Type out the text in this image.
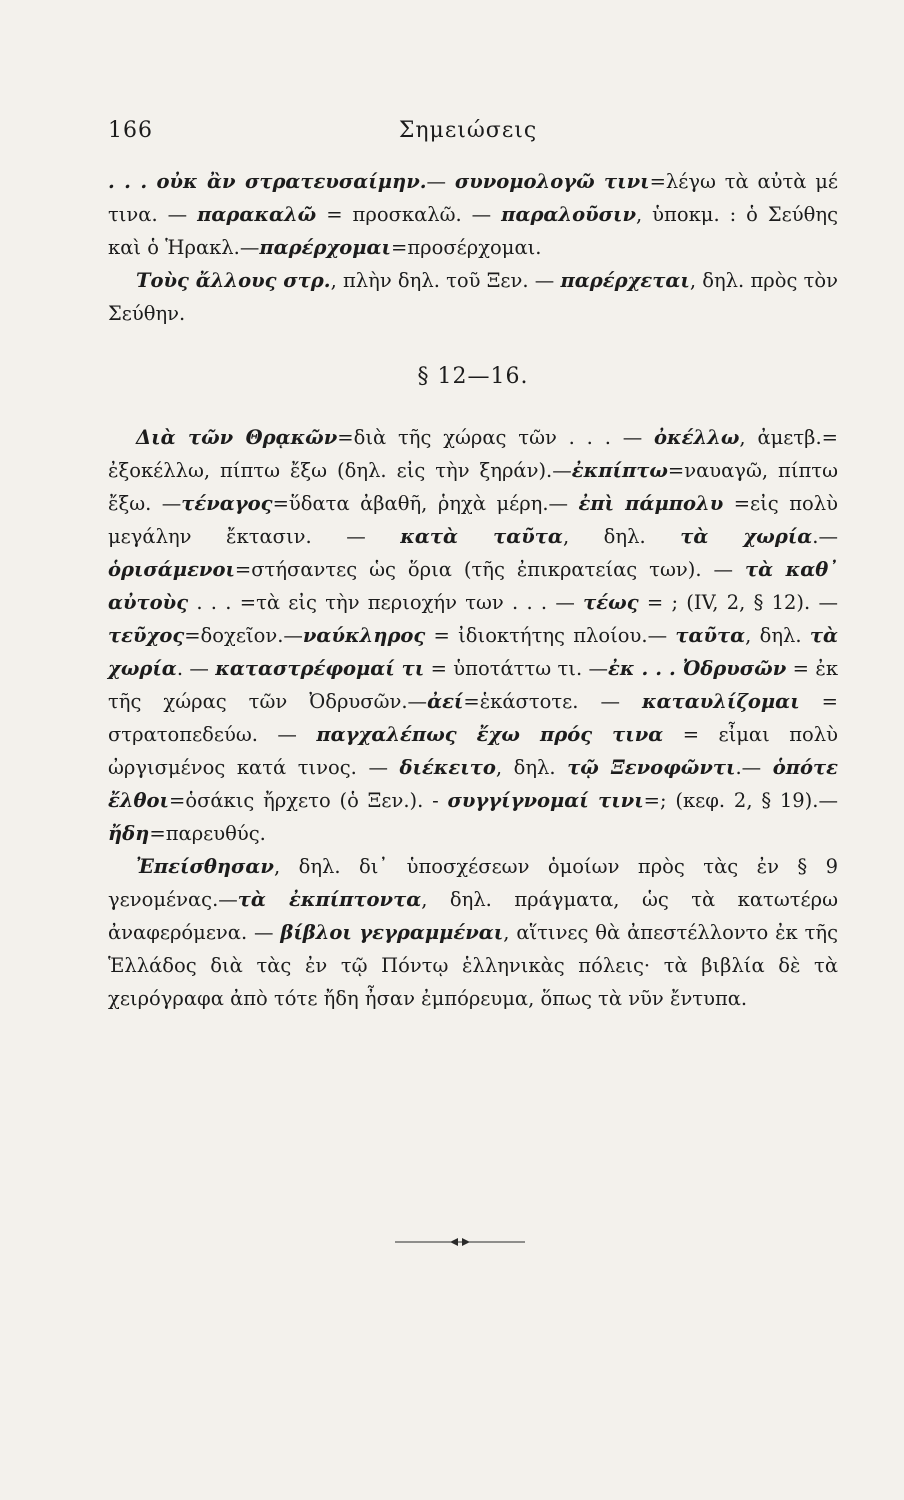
166	Σημειώσεις

. . . οὐκ ἂν στρατευσαίμην.— συνομολογῶ τινι=λέγω τὰ αὐτὰ μέ τινα. — παρακαλῶ = προσκαλῶ. — παραλοῦσιν, ὑποκμ. : ὁ Σεύθης καὶ ὁ Ἡρακλ.—παρέρχομαι=προσέρχομαι.

Τοὺς ἄλλους στρ., πλὴν δηλ. τοῦ Ξεν. — παρέρχεται, δηλ. πρὸς τὸν Σεύθην.

§ 12—16.

Διὰ τῶν Θρᾳκῶν=διὰ τῆς χώρας τῶν . . . — ὀκέλλω, ἀμετβ.= ἐξοκέλλω, πίπτω ἔξω (δηλ. εἰς τὴν ξηράν).—ἐκπίπτω=ναυαγῶ, πίπτω ἔξω. —τέναγος=ὕδατα ἀβαθῆ, ῥηχὰ μέρη.— ἐπὶ πάμπολυ =εἰς πολὺ μεγάλην ἔκτασιν. — κατὰ ταῦτα, δηλ. τὰ χωρία.— ὁρισάμενοι=στήσαντες ὡς ὅρια (τῆς ἐπικρατείας των). — τὰ καθ᾽ αὐτοὺς . . . =τὰ εἰς τὴν περιοχήν των . . . — τέως = ; (IV, 2, § 12). —τεῦχος=δοχεῖον.—ναύκληρος = ἰδιοκτήτης πλοίου.— ταῦτα, δηλ. τὰ χωρία. — καταστρέφομαί τι = ὑποτάττω τι. —ἐκ . . . Ὀδρυσῶν = ἐκ τῆς χώρας τῶν Ὀδρυσῶν.—ἀεί=ἑκάστοτε. — καταυλίζομαι = στρατοπεδεύω. — παγχαλέπως ἔχω πρός τινα = εἶμαι πολὺ ὠργισμένος κατά τινος. — διέκειτο, δηλ. τῷ Ξενοφῶντι.— ὁπότε ἔλθοι=ὁσάκις ἤρχετο (ὁ Ξεν.). - συγγίγνομαί τινι=; (κεφ. 2, § 19).—ἤδη=παρευθύς.

Ἐπείσθησαν, δηλ. δι᾽ ὑποσχέσεων ὁμοίων πρὸς τὰς ἐν § 9 γενομένας.—τὰ ἐκπίπτοντα, δηλ. πράγματα, ὡς τὰ κατωτέρω ἀναφερόμενα. — βίβλοι γεγραμμέναι, αἵτινες θὰ ἀπεστέλλοντο ἐκ τῆς Ἑλλάδος διὰ τὰς ἐν τῷ Πόντῳ ἑλληνικὰς πόλεις· τὰ βιβλία δὲ τὰ χειρόγραφα ἀπὸ τότε ἤδη ἦσαν ἐμπόρευμα, ὅπως τὰ νῦν ἔντυπα.
